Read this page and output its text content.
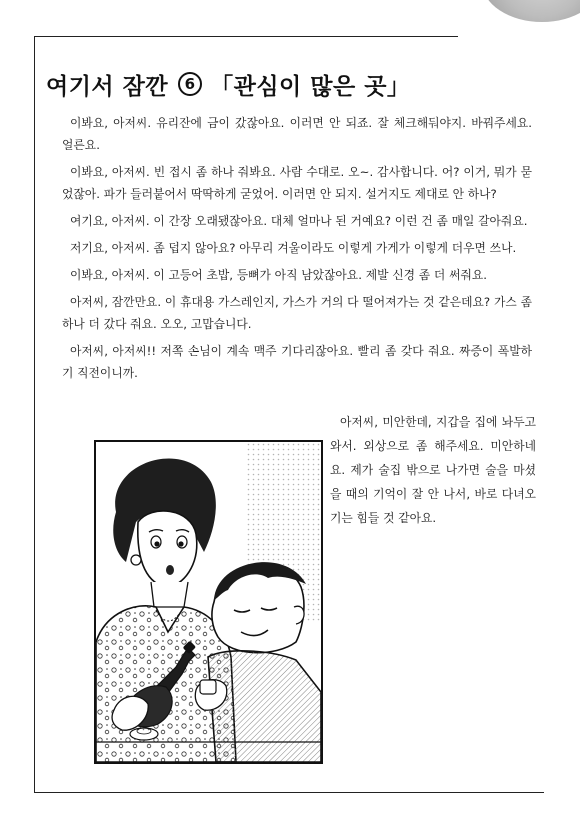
여기서 잠깐	6 「관심이 많은 곳」

이봐요, 아저씨. 유리잔에 금이 갔잖아요. 이러면 안 되죠. 잘 체크해둬야지. 바꿔주세요. 얼른요.

이봐요, 아저씨. 빈 접시 좀 하나 줘봐요. 사람 수대로. 오~. 감사합니다. 어? 이거, 뭐가 묻었잖아. 파가 들러붙어서 딱딱하게 굳었어. 이러면 안 되지. 설거지도 제대로 안 하나?

여기요, 아저씨. 이 간장 오래됐잖아요. 대체 얼마나 된 거예요? 이런 건 좀 매일 갈아줘요.

저기요, 아저씨. 좀 덥지 않아요? 아무리 겨울이라도 이렇게 가게가 이렇게 더우면 쓰나.

이봐요, 아저씨. 이 고등어 초밥, 등뼈가 아직 남았잖아요. 제발 신경 좀 더 써줘요.

아저씨, 잠깐만요. 이 휴대용 가스레인지, 가스가 거의 다 떨어져가는 것 같은데요? 가스 좀 하나 더 갔다 줘요. 오오, 고맙습니다.

아저씨, 아저씨!! 저쪽 손님이 계속 맥주 기다리잖아요. 빨리 좀 갖다 줘요. 짜증이 폭발하기 직전이니까.

아저씨, 미안한데, 지갑을 집에 놔두고 와서. 외상으로 좀 해주세요. 미안하네요. 제가 술집 밖으로 나가면 술을 마셨을 때의 기억이 잘 안 나서, 바로 다녀오기는 힘들 것 같아요.
